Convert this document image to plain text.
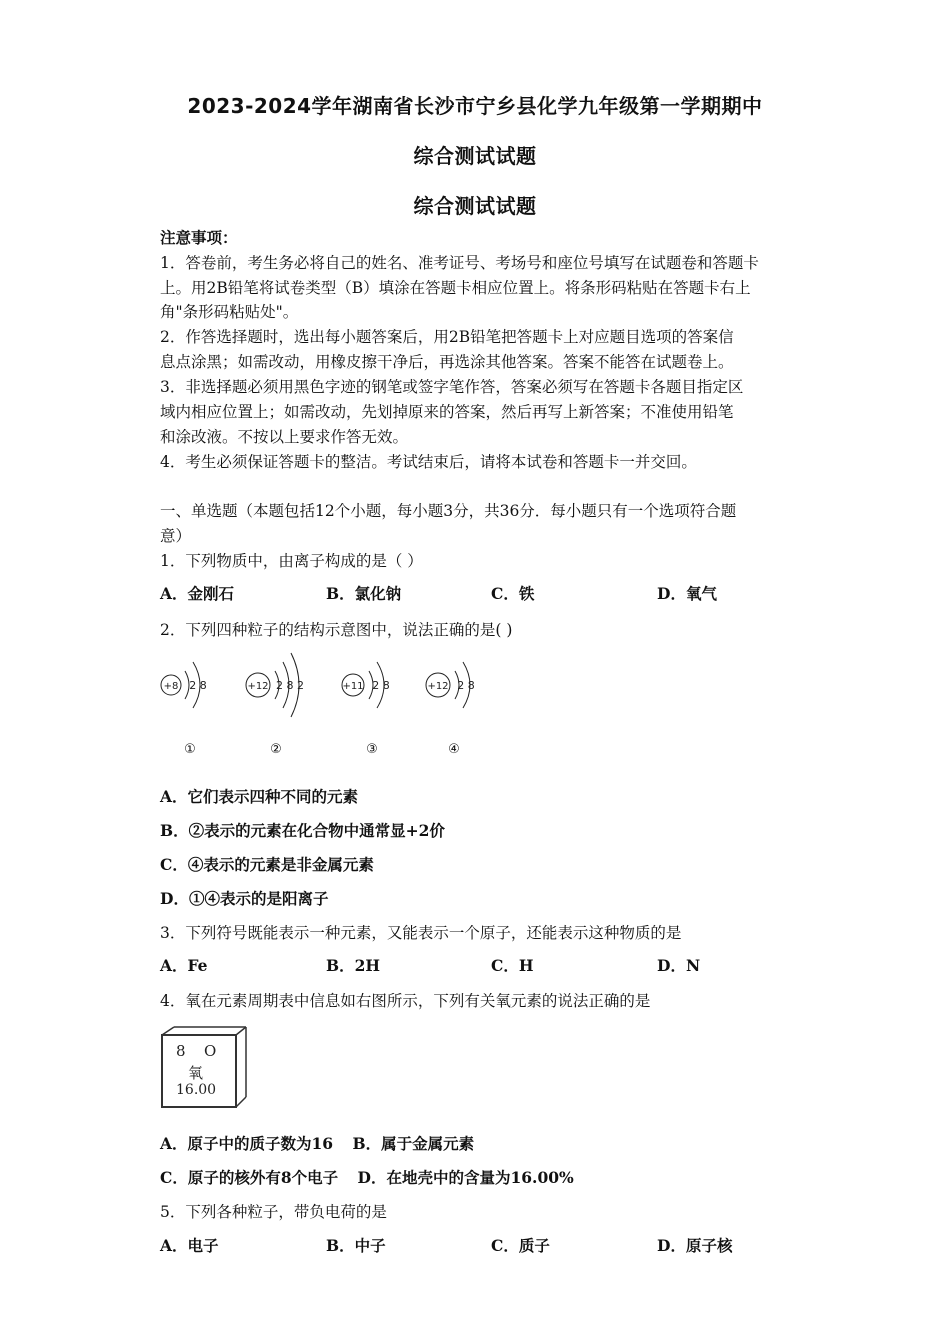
2023-2024学年湖南省长沙市宁乡县化学九年级第一学期期中
综合测试试题
综合测试试题
注意事项：
1．答卷前，考生务必将自己的姓名、准考证号、考场号和座位号填写在试题卷和答题卡
上。用2B铅笔将试卷类型（B）填涂在答题卡相应位置上。将条形码粘贴在答题卡右上
角"条形码粘贴处"。
2．作答选择题时，选出每小题答案后，用2B铅笔把答题卡上对应题目选项的答案信
息点涂黑；如需改动，用橡皮擦干净后，再选涂其他答案。答案不能答在试题卷上。
3．非选择题必须用黑色字迹的钢笔或签字笔作答，答案必须写在答题卡各题目指定区
域内相应位置上；如需改动，先划掉原来的答案，然后再写上新答案；不准使用铅笔
和涂改液。不按以上要求作答无效。
4．考生必须保证答题卡的整洁。考试结束后，请将本试卷和答题卡一并交回。
一、单选题（本题包括12个小题，每小题3分，共36分．每小题只有一个选项符合题
意）
1．下列物质中，由离子构成的是（ ）
A．金刚石	B．氯化钠	C．铁	D．氧气
2．下列四种粒子的结构示意图中，说法正确的是( )
+8 2 8	+12 2 8 2	+11 2 8	+12 2 8
①	②	③	④
A．它们表示四种不同的元素
B．②表示的元素在化合物中通常显+2价
C．④表示的元素是非金属元素
D．①④表示的是阳离子
3．下列符号既能表示一种元素，又能表示一个原子，还能表示这种物质的是
A．Fe	B．2H	C．H	D．N
4．氧在元素周期表中信息如右图所示，下列有关氧元素的说法正确的是
8 O
氧
16.00
A．原子中的质子数为16 B．属于金属元素
C．原子的核外有8个电子 D．在地壳中的含量为16.00%
5．下列各种粒子，带负电荷的是
A．电子	B．中子	C．质子	D．原子核
